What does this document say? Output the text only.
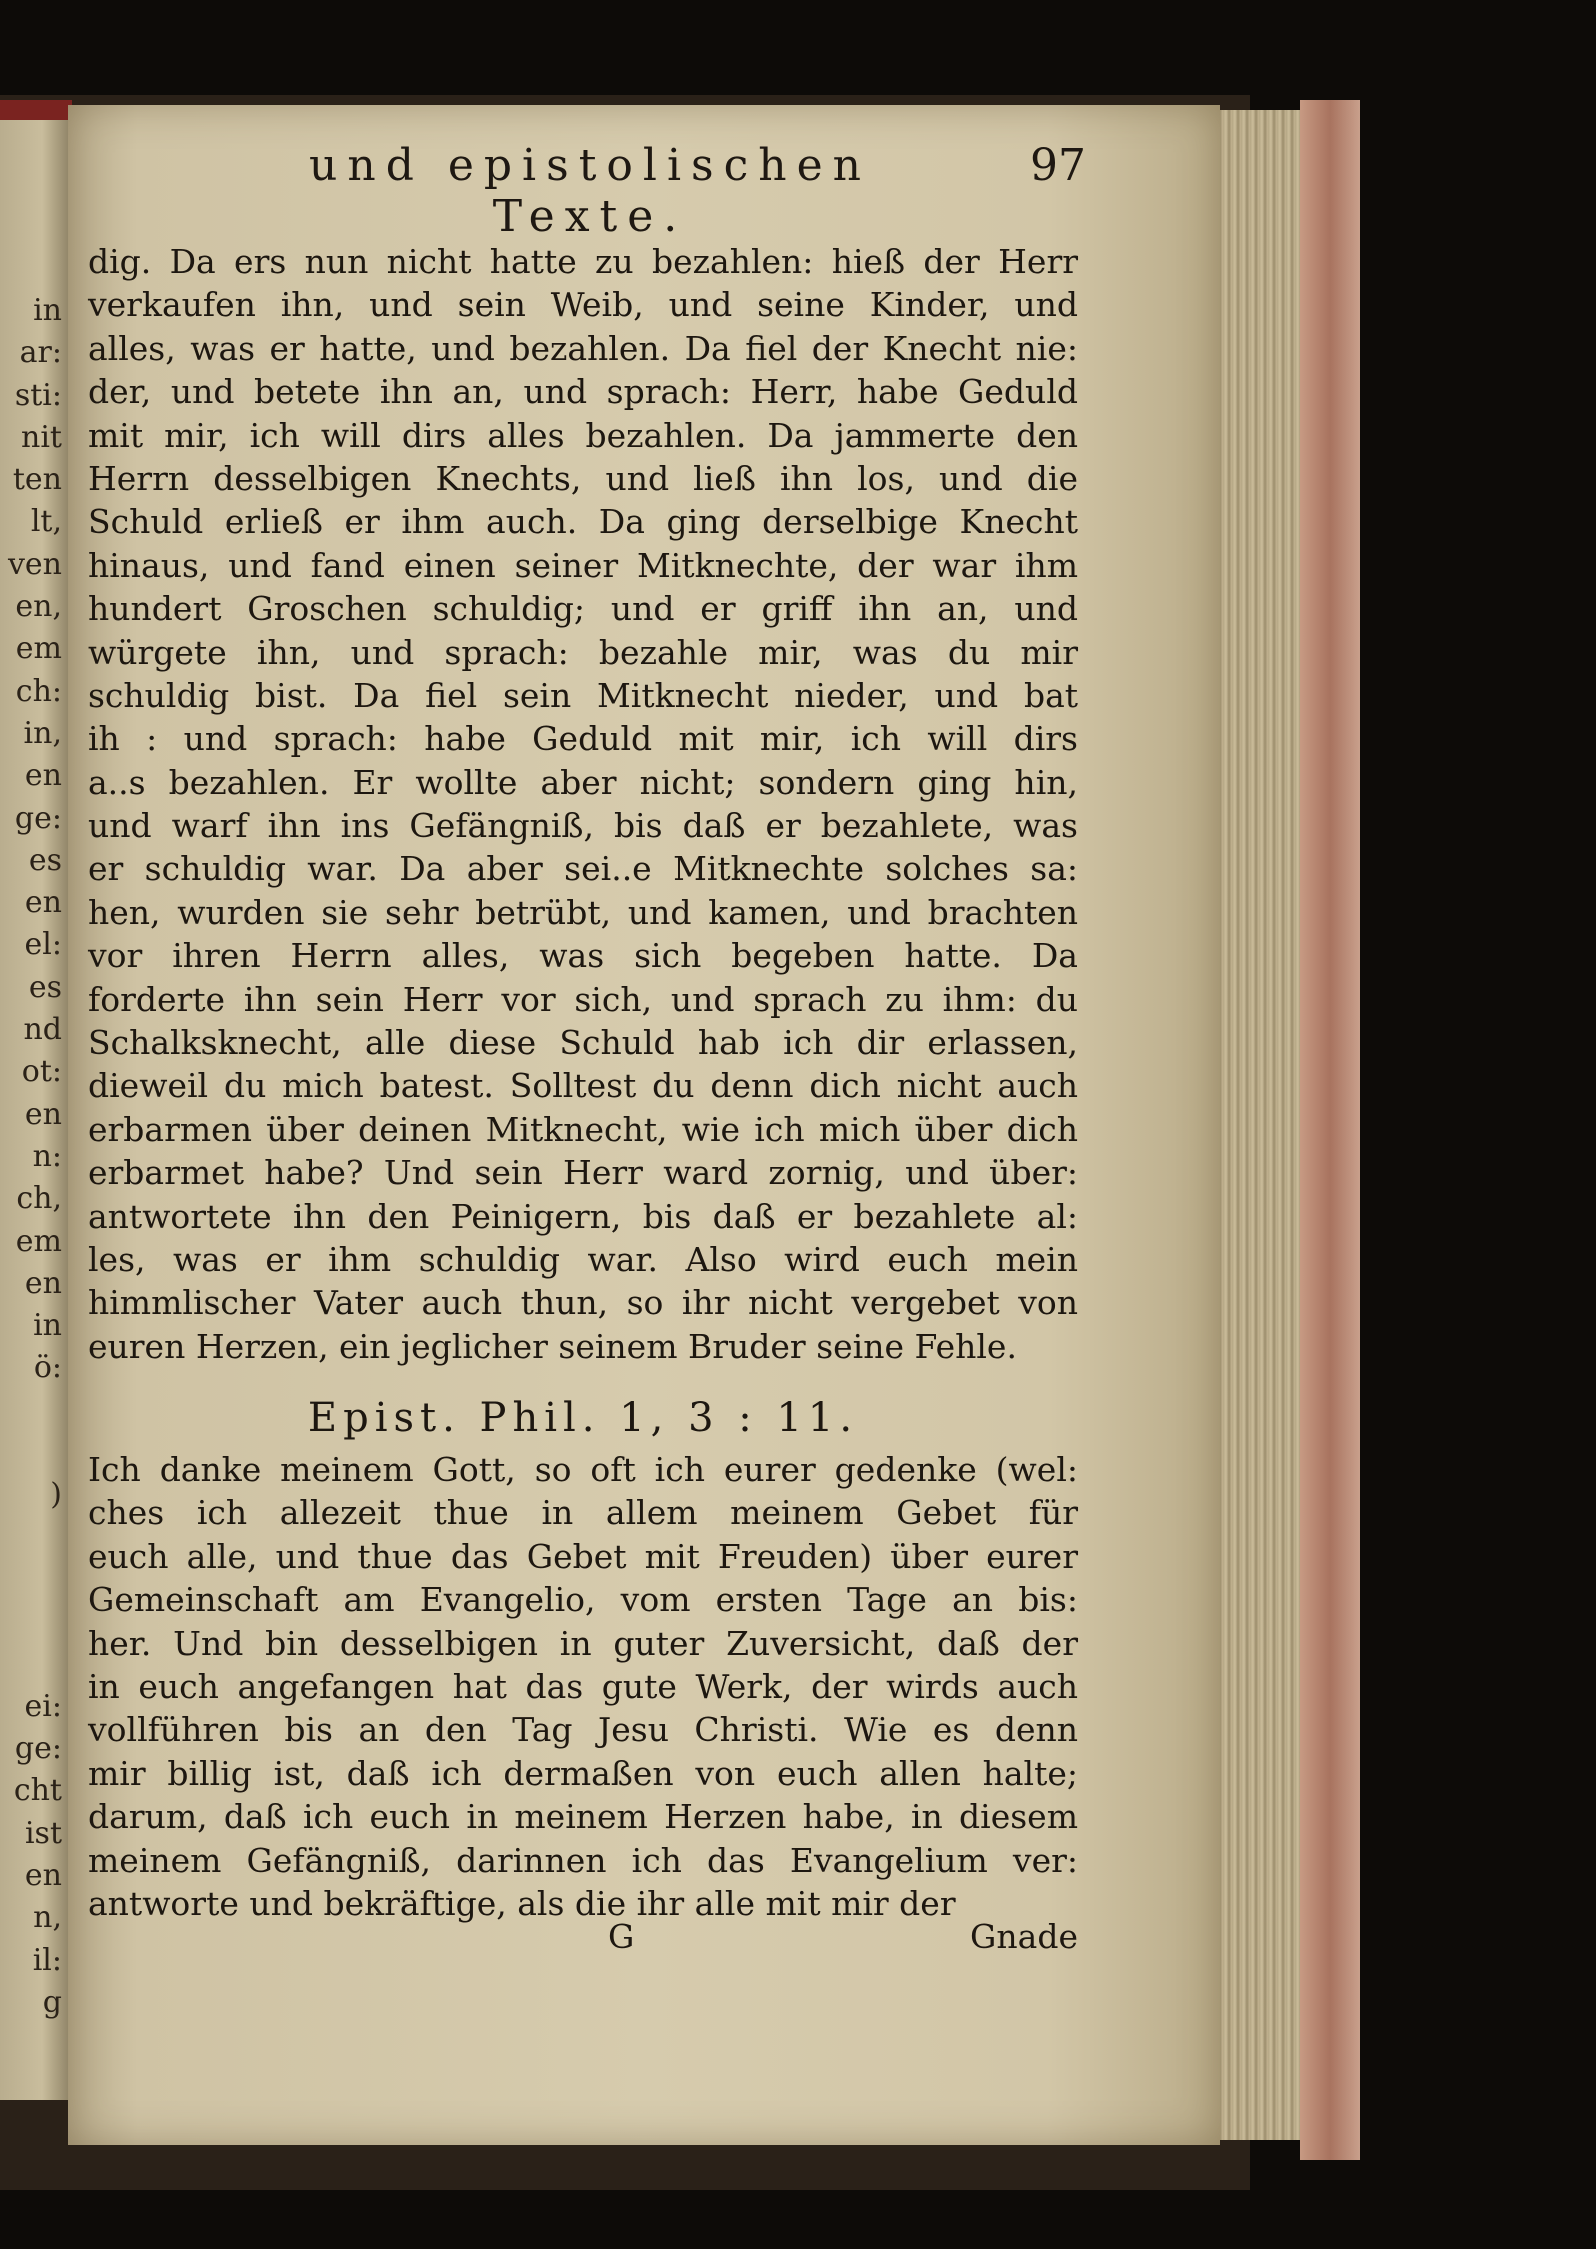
in
ar:
sti:
nit
ten
lt,
ven
en,
em
ch:
in,
en
ge:
es
en
el:
es
nd
ot:
en
n:
ch,
em
en
in
ö:
)
ei:
ge:
cht
ist
en
n,
il:
g
und epistolischen Texte.
97
dig. Da ers nun nicht hatte zu bezahlen: hieß der Herr
verkaufen ihn, und sein Weib, und seine Kinder, und
alles, was er hatte, und bezahlen. Da fiel der Knecht nie:
der, und betete ihn an, und sprach: Herr, habe Geduld
mit mir, ich will dirs alles bezahlen. Da jammerte den
Herrn desselbigen Knechts, und ließ ihn los, und die
Schuld erließ er ihm auch. Da ging derselbige Knecht
hinaus, und fand einen seiner Mitknechte, der war ihm
hundert Groschen schuldig; und er griff ihn an, und
würgete ihn, und sprach: bezahle mir, was du mir
schuldig bist. Da fiel sein Mitknecht nieder, und bat
ih : und sprach: habe Geduld mit mir, ich will dirs
a..s bezahlen. Er wollte aber nicht; sondern ging hin,
und warf ihn ins Gefängniß, bis daß er bezahlete, was
er schuldig war. Da aber sei..e Mitknechte solches sa:
hen, wurden sie sehr betrübt, und kamen, und brachten
vor ihren Herrn alles, was sich begeben hatte. Da
forderte ihn sein Herr vor sich, und sprach zu ihm: du
Schalksknecht, alle diese Schuld hab ich dir erlassen,
dieweil du mich batest. Solltest du denn dich nicht auch
erbarmen über deinen Mitknecht, wie ich mich über dich
erbarmet habe? Und sein Herr ward zornig, und über:
antwortete ihn den Peinigern, bis daß er bezahlete al:
les, was er ihm schuldig war. Also wird euch mein
himmlischer Vater auch thun, so ihr nicht vergebet von
euren Herzen, ein jeglicher seinem Bruder seine Fehle.
Epist. Phil. 1, 3 : 11.
Ich danke meinem Gott, so oft ich eurer gedenke (wel:
ches ich allezeit thue in allem meinem Gebet für
euch alle, und thue das Gebet mit Freuden) über eurer
Gemeinschaft am Evangelio, vom ersten Tage an bis:
her. Und bin desselbigen in guter Zuversicht, daß der
in euch angefangen hat das gute Werk, der wirds auch
vollführen bis an den Tag Jesu Christi. Wie es denn
mir billig ist, daß ich dermaßen von euch allen halte;
darum, daß ich euch in meinem Herzen habe, in diesem
meinem Gefängniß, darinnen ich das Evangelium ver:
antworte und bekräftige, als die ihr alle mit mir der
G	Gnade
